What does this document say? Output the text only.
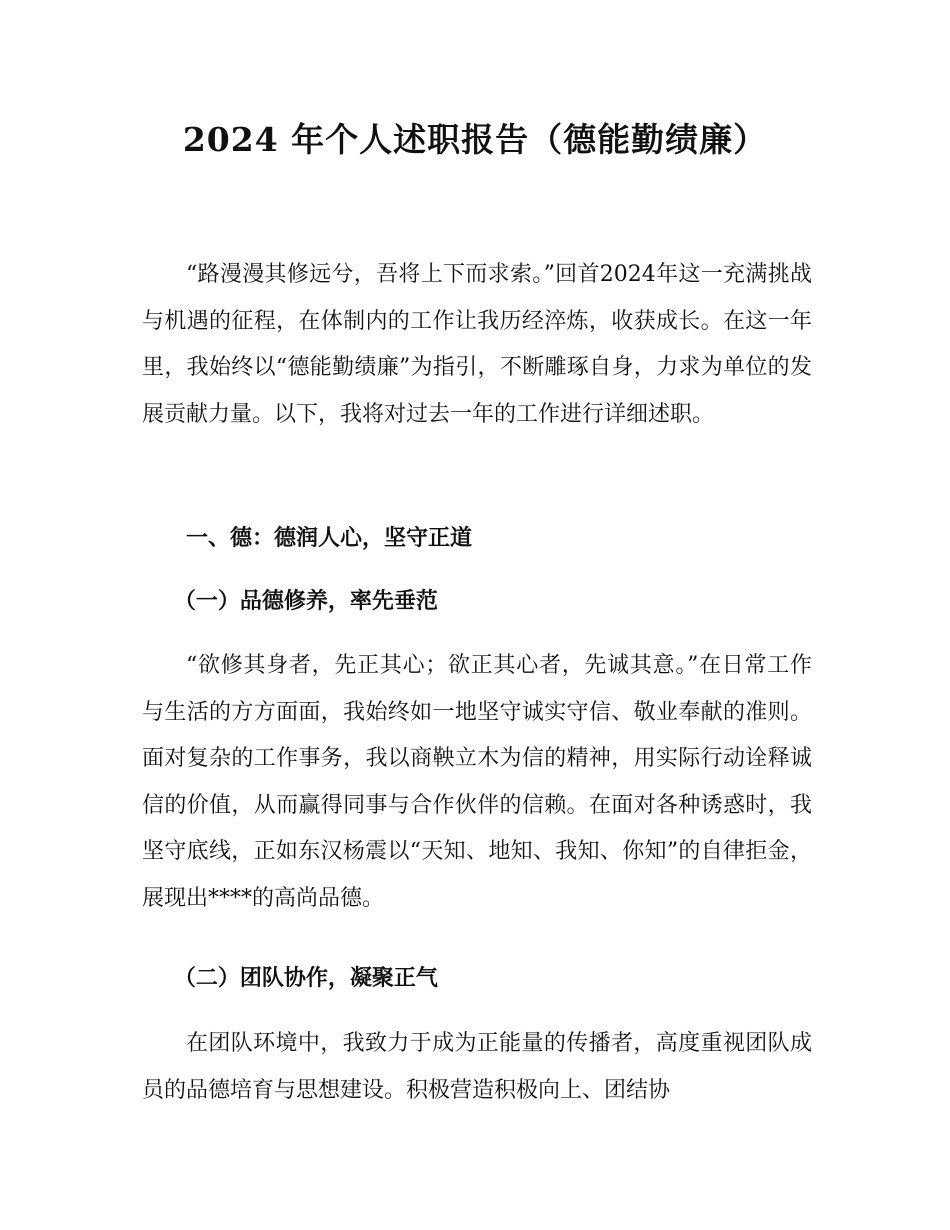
2024 年个人述职报告（德能勤绩廉）

“路漫漫其修远兮，吾将上下而求索。”回首2024年这一充满挑战与机遇的征程，在体制内的工作让我历经淬炼，收获成长。在这一年里，我始终以“德能勤绩廉”为指引，不断雕琢自身，力求为单位的发展贡献力量。以下，我将对过去一年的工作进行详细述职。

一、德：德润人心，坚守正道
（一）品德修养，率先垂范

“欲修其身者，先正其心；欲正其心者，先诚其意。”在日常工作与生活的方方面面，我始终如一地坚守诚实守信、敬业奉献的准则。面对复杂的工作事务，我以商鞅立木为信的精神，用实际行动诠释诚信的价值，从而赢得同事与合作伙伴的信赖。在面对各种诱惑时，我坚守底线，正如东汉杨震以“天知、地知、我知、你知”的自律拒金，展现出****的高尚品德。

（二）团队协作，凝聚正气

在团队环境中，我致力于成为正能量的传播者，高度重视团队成员的品德培育与思想建设。积极营造积极向上、团结协
